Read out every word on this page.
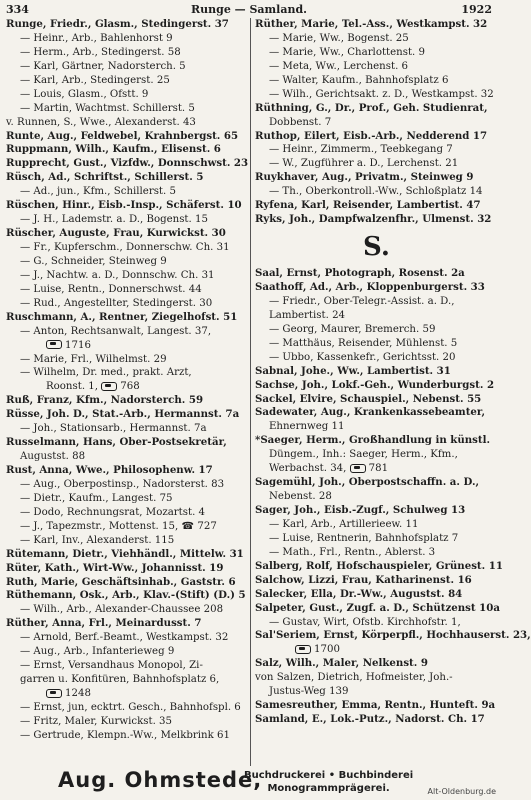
334	Runge — Samland.	1922
Runge, Friedr., Glasm., Stedingerst. 37
— Heinr., Arb., Bahlenhorst 9
— Herm., Arb., Stedingerst. 58
— Karl, Gärtner, Nadorsterch. 5
— Karl, Arb., Stedingerst. 25
— Louis, Glasm., Ofstt. 9
— Martin, Wachtmst. Schillerst. 5
v. Runnen, S., Wwe., Alexanderst. 43
Runte, Aug., Feldwebel, Krahnbergst. 65
Ruppmann, Wilh., Kaufm., Elisenst. 6
Rupprecht, Gust., Vizfdw., Donnschwst. 23
Rüsch, Ad., Schriftst., Schillerst. 5
— Ad., jun., Kfm., Schillerst. 5
Rüschen, Hinr., Eisb.-Insp., Schäferst. 10
— J. H., Lademstr. a. D., Bogenst. 15
Rüscher, Auguste, Frau, Kurwickst. 30
— Fr., Kupferschm., Donnerschw. Ch. 31
— G., Schneider, Steinweg 9
— J., Nachtw. a. D., Donnschw. Ch. 31
— Luise, Rentn., Donnerschwst. 44
— Rud., Angestellter, Stedingerst. 30
Ruschmann, A., Rentner, Ziegelhofst. 51
— Anton, Rechtsanwalt, Langest. 37,
1716
— Marie, Frl., Wilhelmst. 29
— Wilhelm, Dr. med., prakt. Arzt,
Roonst. 1, 768
Ruß, Franz, Kfm., Nadorsterch. 59
Rüsse, Joh. D., Stat.-Arb., Hermannst. 7a
— Joh., Stationsarb., Hermannst. 7a
Russelmann, Hans, Ober-Postsekretär,
Augustst. 88
Rust, Anna, Wwe., Philosophenw. 17
— Aug., Oberpostinsp., Nadorsterst. 83
— Dietr., Kaufm., Langest. 75
— Dodo, Rechnungsrat, Mozartst. 4
— J., Tapezmstr., Mottenst. 15, ☎ 727
— Karl, Inv., Alexanderst. 115
Rütemann, Dietr., Viehhändl., Mittelw. 31
Rüter, Kath., Wirt-Ww., Johannisst. 19
Ruth, Marie, Geschäftsinhab., Gaststr. 6
Rüthemann, Osk., Arb., Klav.-(Stift) (D.) 5
— Wilh., Arb., Alexander-Chaussee 208
Rüther, Anna, Frl., Meinardusst. 7
— Arnold, Berf.-Beamt., Westkampst. 32
— Aug., Arb., Infanterieweg 9
— Ernst, Versandhaus Monopol, Zi-
garren u. Konfitüren, Bahnhofsplatz 6,
1248
— Ernst, jun, ecktrt. Gesch., Bahnhofspl. 6
— Fritz, Maler, Kurwickst. 35
— Gertrude, Klempn.-Ww., Melkbrink 61
Rüther, Marie, Tel.-Ass., Westkampst. 32
— Marie, Ww., Bogenst. 25
— Marie, Ww., Charlottenst. 9
— Meta, Ww., Lerchenst. 6
— Walter, Kaufm., Bahnhofsplatz 6
— Wilh., Gerichtsakt. z. D., Westkampst. 32
Rüthning, G., Dr., Prof., Geh. Studienrat,
Dobbenst. 7
Ruthop, Eilert, Eisb.-Arb., Nedderend 17
— Heinr., Zimmerm., Teebkegang 7
— W., Zugführer a. D., Lerchenst. 21
Ruykhaver, Aug., Privatm., Steinweg 9
— Th., Oberkontroll.-Ww., Schloßplatz 14
Ryfena, Karl, Reisender, Lambertist. 47
Ryks, Joh., Dampfwalzenfhr., Ulmenst. 32
S.
Saal, Ernst, Photograph, Rosenst. 2a
Saathoff, Ad., Arb., Kloppenburgerst. 33
— Friedr., Ober-Telegr.-Assist. a. D.,
Lambertist. 24
— Georg, Maurer, Bremerch. 59
— Matthäus, Reisender, Mühlenst. 5
— Ubbo, Kassenkefr., Gerichtsst. 20
Sabnal, Johe., Ww., Lambertist. 31
Sachse, Joh., Lokf.-Geh., Wunderburgst. 2
Sackel, Elvire, Schauspiel., Nebenst. 55
Sadewater, Aug., Krankenkassebeamter,
Ehnernweg 11
*Saeger, Herm., Großhandlung in künstl.
Düngem., Inh.: Saeger, Herm., Kfm.,
Werbachst. 34, 781
Sagemühl, Joh., Oberpostschaffn. a. D.,
Nebenst. 28
Sager, Joh., Eisb.-Zugf., Schulweg 13
— Karl, Arb., Artillerieew. 11
— Luise, Rentnerin, Bahnhofsplatz 7
— Math., Frl., Rentn., Ablerst. 3
Salberg, Rolf, Hofschauspieler, Grünest. 11
Salchow, Lizzi, Frau, Katharinenst. 16
Salecker, Ella, Dr.-Ww., Augustst. 84
Salpeter, Gust., Zugf. a. D., Schützenst 10a
— Gustav, Wirt, Ofstb. Kirchhofstr. 1,
Sal'Seriem, Ernst, Körperpfl., Hochhauserst. 23,
1700
Salz, Wilh., Maler, Nelkenst. 9
von Salzen, Dietrich, Hofmeister, Joh.-
Justus-Weg 139
Samesreuther, Emma, Rentn., Hunteft. 9a
Samland, E., Lok.-Putz., Nadorst. Ch. 17
Aug. Ohmstede,
Buchdruckerei • Buchbinderei
Monogrammprägerei.	Alt-Oldenburg.de
